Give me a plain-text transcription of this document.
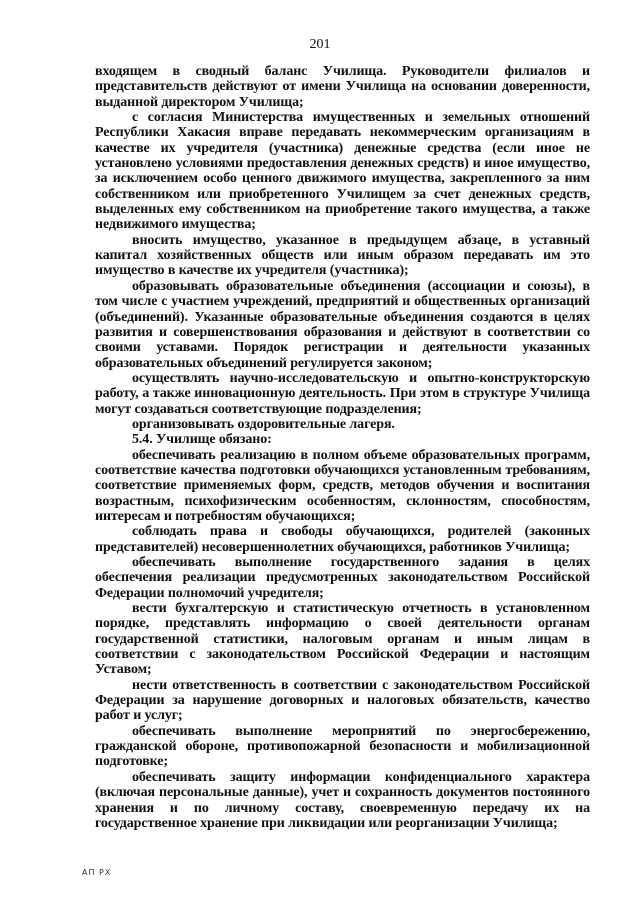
201

входящем в сводный баланс Училища. Руководители филиалов и представительств действуют от имени Училища на основании доверенности, выданной директором Училища;

с согласия Министерства имущественных и земельных отношений Республики Хакасия вправе передавать некоммерческим организациям в качестве их учредителя (участника) денежные средства (если иное не установлено условиями предоставления денежных средств) и иное имущество, за исключением особо ценного движимого имущества, закрепленного за ним собственником или приобретенного Училищем за счет денежных средств, выделенных ему собственником на приобретение такого имущества, а также недвижимого имущества;

вносить имущество, указанное в предыдущем абзаце, в уставный капитал хозяйственных обществ или иным образом передавать им это имущество в качестве их учредителя (участника);

образовывать образовательные объединения (ассоциации и союзы), в том числе с участием учреждений, предприятий и общественных организаций (объединений). Указанные образовательные объединения создаются в целях развития и совершенствования образования и действуют в соответствии со своими уставами. Порядок регистрации и деятельности указанных образовательных объединений регулируется законом;

осуществлять научно-исследовательскую и опытно-конструкторскую работу, а также инновационную деятельность. При этом в структуре Училища могут создаваться соответствующие подразделения;

организовывать оздоровительные лагеря.

5.4. Училище обязано:

обеспечивать реализацию в полном объеме образовательных программ, соответствие качества подготовки обучающихся установленным требованиям, соответствие применяемых форм, средств, методов обучения и воспитания возрастным, психофизическим особенностям, склонностям, способностям, интересам и потребностям обучающихся;

соблюдать права и свободы обучающихся, родителей (законных представителей) несовершеннолетних обучающихся, работников Училища;

обеспечивать выполнение государственного задания в целях обеспечения реализации предусмотренных законодательством Российской Федерации полномочий учредителя;

вести бухгалтерскую и статистическую отчетность в установленном порядке, представлять информацию о своей деятельности органам государственной статистики, налоговым органам и иным лицам в соответствии с законодательством Российской Федерации и настоящим Уставом;

нести ответственность в соответствии с законодательством Российской Федерации за нарушение договорных и налоговых обязательств, качество работ и услуг;

обеспечивать выполнение мероприятий по энергосбережению, гражданской обороне, противопожарной безопасности и мобилизационной подготовке;

обеспечивать защиту информации конфиденциального характера (включая персональные данные), учет и сохранность документов постоянного хранения и по личному составу, своевременную передачу их на государственное хранение при ликвидации или реорганизации Училища;

АП РХ
